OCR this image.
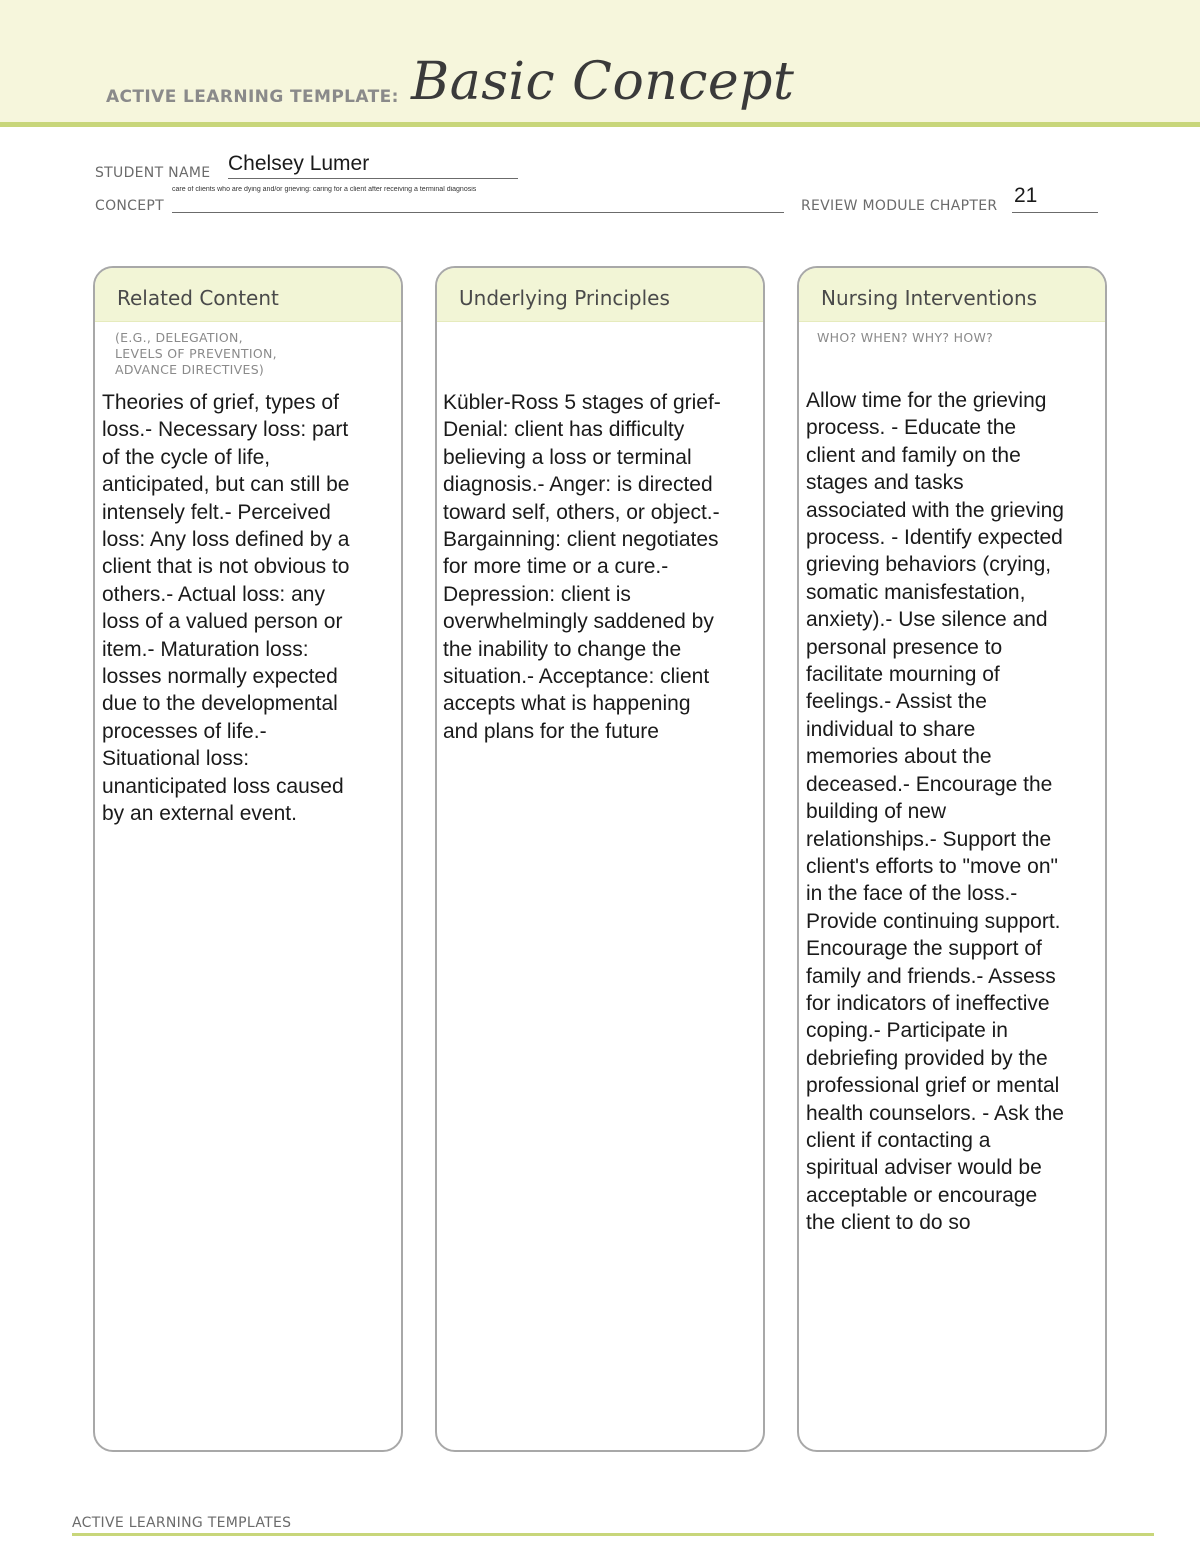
ACTIVE LEARNING TEMPLATE: Basic Concept
STUDENT NAME Chelsey Lumer
CONCEPT
care of clients who are dying and/or grieving: caring for a client after receiving a terminal diagnosis
REVIEW MODULE CHAPTER 21
Related Content
(E.G., DELEGATION,
LEVELS OF PREVENTION,
ADVANCE DIRECTIVES)
Theories of grief, types of
loss.- Necessary loss: part
of the cycle of life,
anticipated, but can still be
intensely felt.- Perceived
loss: Any loss defined by a
client that is not obvious to
others.- Actual loss: any
loss of a valued person or
item.- Maturation loss:
losses normally expected
due to the developmental
processes of life.-
Situational loss:
unanticipated loss caused
by an external event.
Underlying Principles
Kübler-Ross 5 stages of grief-
Denial: client has difficulty
believing a loss or terminal
diagnosis.- Anger: is directed
toward self, others, or object.-
Bargainning: client negotiates
for more time or a cure.-
Depression: client is
overwhelmingly saddened by
the inability to change the
situation.- Acceptance: client
accepts what is happening
and plans for the future
Nursing Interventions
WHO? WHEN? WHY? HOW?
Allow time for the grieving
process. - Educate the
client and family on the
stages and tasks
associated with the grieving
process. - Identify expected
grieving behaviors (crying,
somatic manisfestation,
anxiety).- Use silence and
personal presence to
facilitate mourning of
feelings.- Assist the
individual to share
memories about the
deceased.- Encourage the
building of new
relationships.- Support the
client's efforts to "move on"
in the face of the loss.-
Provide continuing support.
Encourage the support of
family and friends.- Assess
for indicators of ineffective
coping.- Participate in
debriefing provided by the
professional grief or mental
health counselors. - Ask the
client if contacting a
spiritual adviser would be
acceptable or encourage
the client to do so
ACTIVE LEARNING TEMPLATES
